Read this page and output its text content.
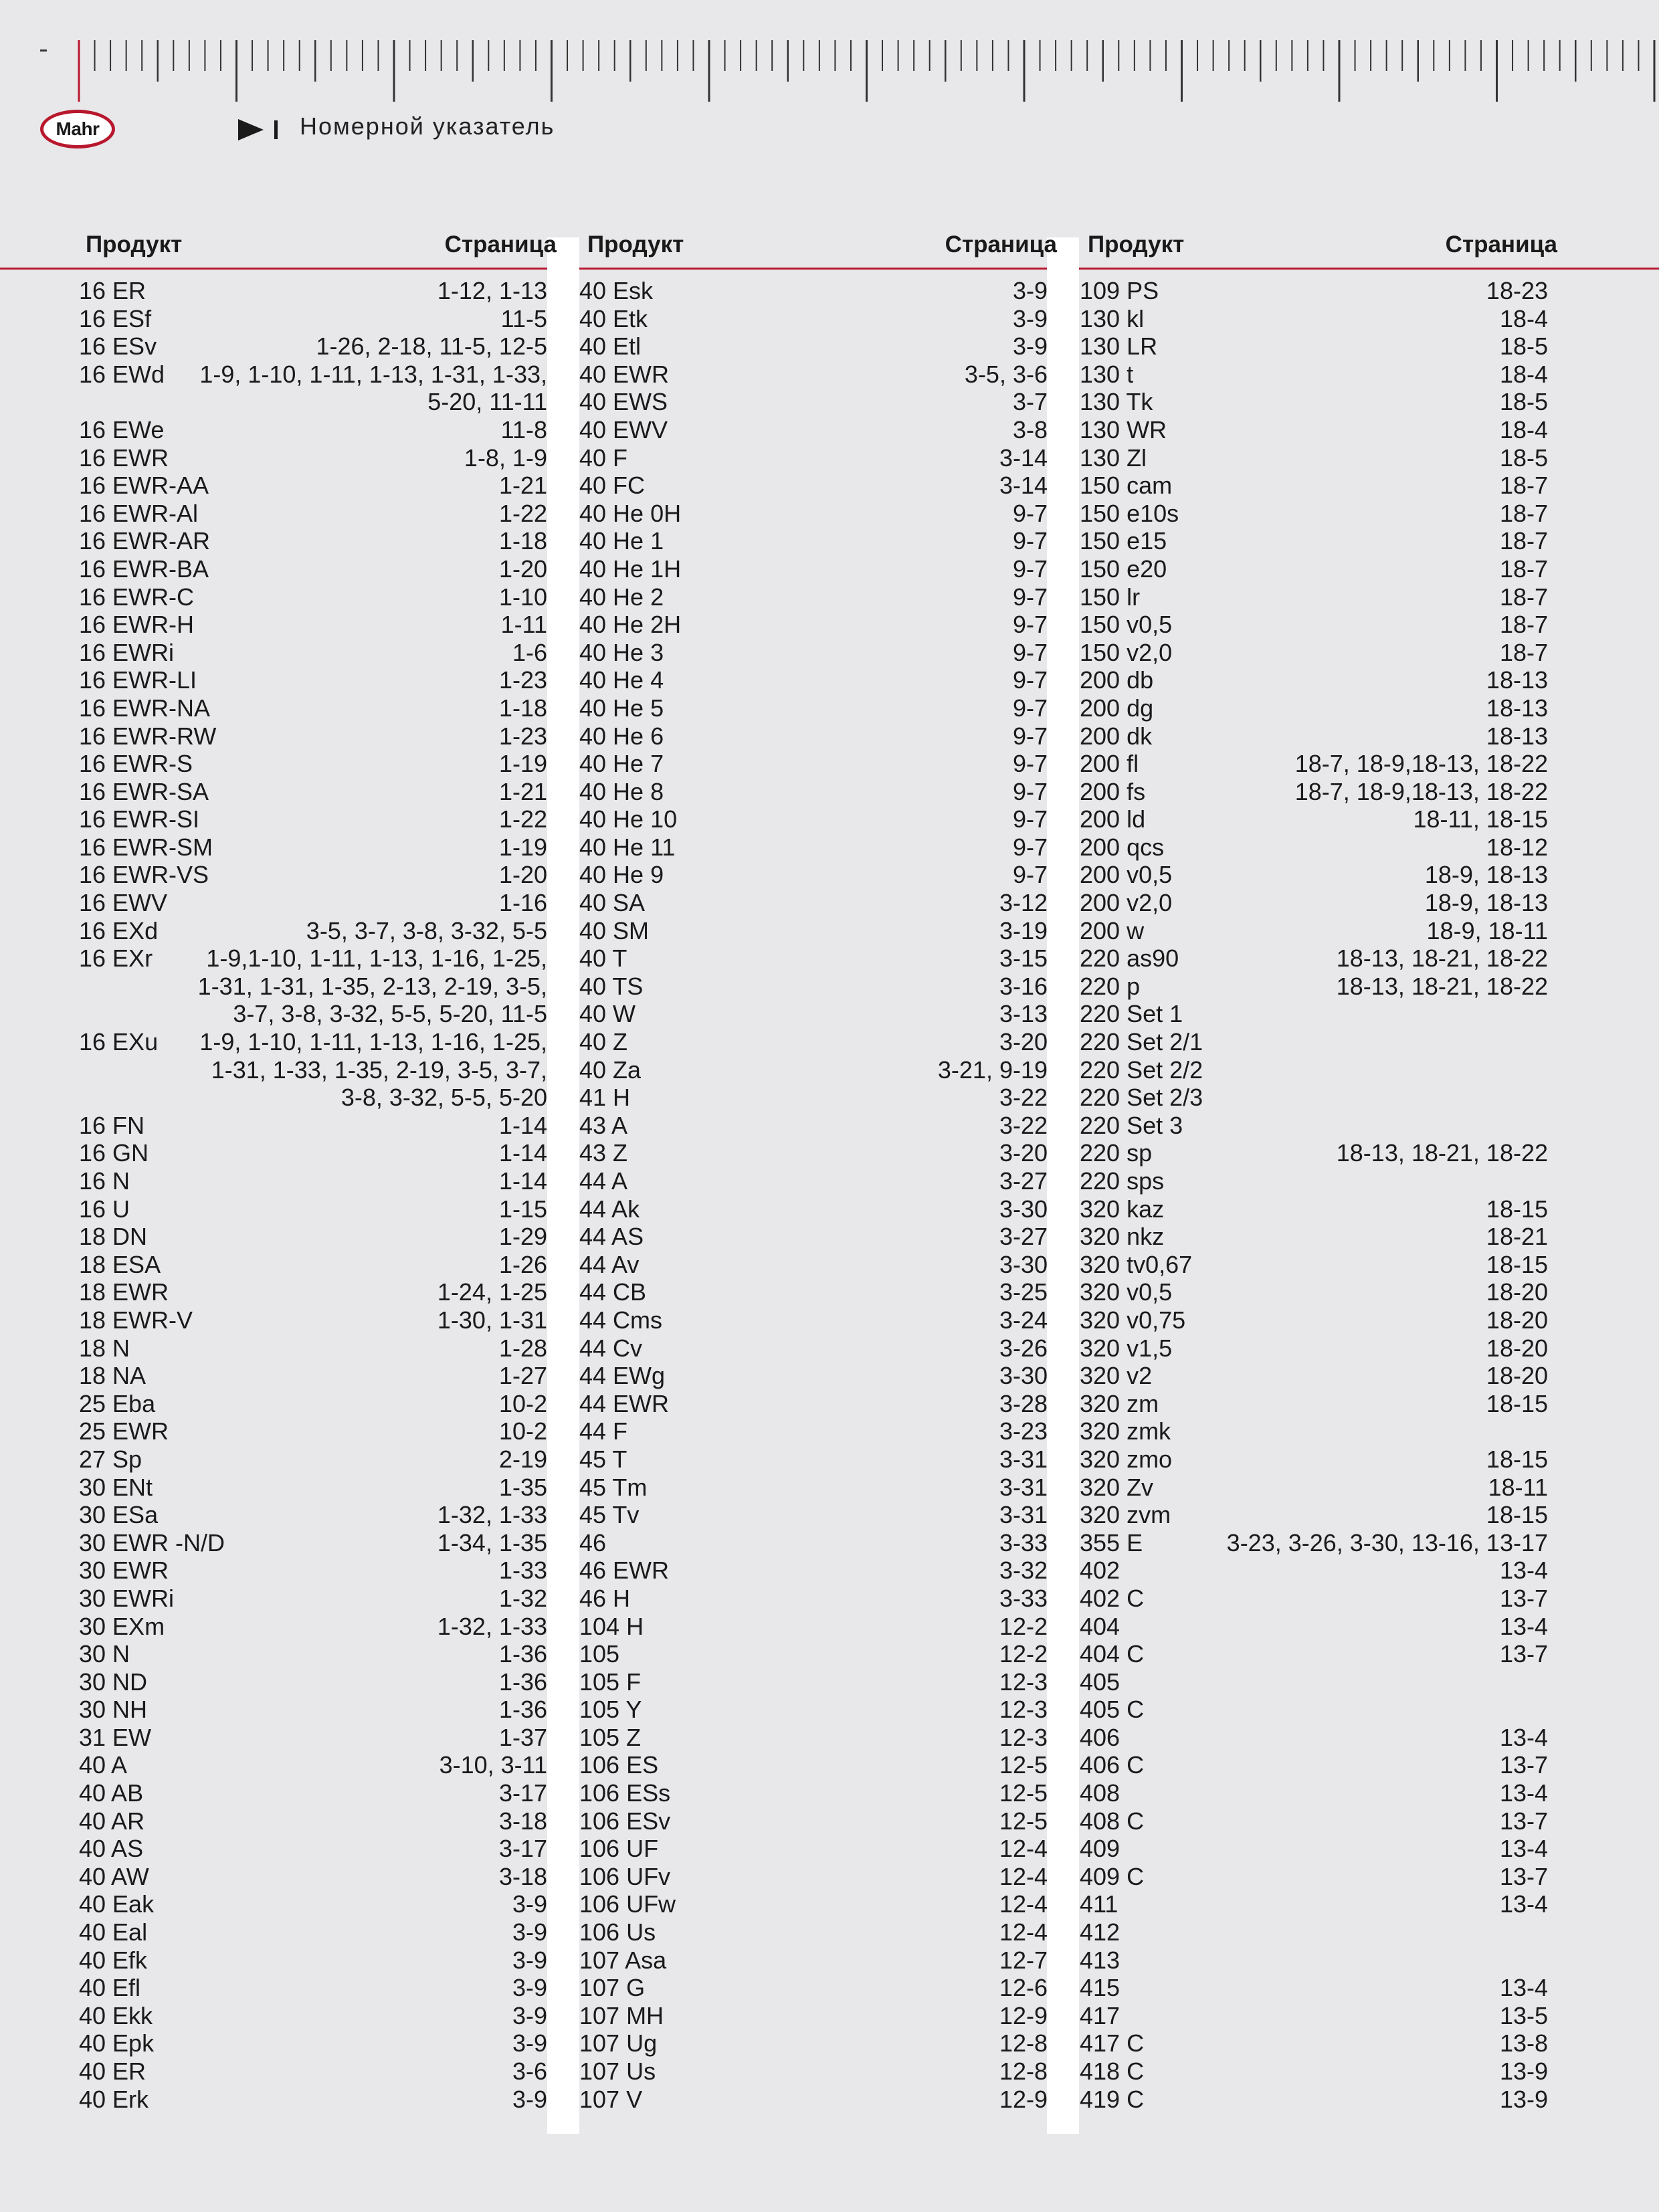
Mahr	Номерной указатель
Продукт	Страница
16 ER	1-12, 1-13
16 ESf	11-5
16 ESv	1-26, 2-18, 11-5, 12-5
16 EWd	1-9, 1-10, 1-11, 1-13, 1-31, 1-33,
5-20, 11-11
16 EWe	11-8
16 EWR	1-8, 1-9
16 EWR-AA	1-21
16 EWR-Al	1-22
16 EWR-AR	1-18
16 EWR-BA	1-20
16 EWR-C	1-10
16 EWR-H	1-11
16 EWRi	1-6
16 EWR-LI	1-23
16 EWR-NA	1-18
16 EWR-RW	1-23
16 EWR-S	1-19
16 EWR-SA	1-21
16 EWR-SI	1-22
16 EWR-SM	1-19
16 EWR-VS	1-20
16 EWV	1-16
16 EXd	3-5, 3-7, 3-8, 3-32, 5-5
16 EXr	1-9,1-10, 1-11, 1-13, 1-16, 1-25,
1-31, 1-31, 1-35, 2-13, 2-19, 3-5,
3-7, 3-8, 3-32, 5-5, 5-20, 11-5
16 EXu	1-9, 1-10, 1-11, 1-13, 1-16, 1-25,
1-31, 1-33, 1-35, 2-19, 3-5, 3-7,
3-8, 3-32, 5-5, 5-20
16 FN	1-14
16 GN	1-14
16 N	1-14
16 U	1-15
18 DN	1-29
18 ESA	1-26
18 EWR	1-24, 1-25
18 EWR-V	1-30, 1-31
18 N	1-28
18 NA	1-27
25 Eba	10-2
25 EWR	10-2
27 Sp	2-19
30 ENt	1-35
30 ESa	1-32, 1-33
30 EWR -N/D	1-34, 1-35
30 EWR	1-33
30 EWRi	1-32
30 EXm	1-32, 1-33
30 N	1-36
30 ND	1-36
30 NH	1-36
31 EW	1-37
40 A	3-10, 3-11
40 AB	3-17
40 AR	3-18
40 AS	3-17
40 AW	3-18
40 Eak	3-9
40 Eal	3-9
40 Efk	3-9
40 Efl	3-9
40 Ekk	3-9
40 Epk	3-9
40 ER	3-6
40 Erk	3-9
Продукт	Страница
40 Esk	3-9
40 Etk	3-9
40 Etl	3-9
40 EWR	3-5, 3-6
40 EWS	3-7
40 EWV	3-8
40 F	3-14
40 FC	3-14
40 He 0H	9-7
40 He 1	9-7
40 He 1H	9-7
40 He 2	9-7
40 He 2H	9-7
40 He 3	9-7
40 He 4	9-7
40 He 5	9-7
40 He 6	9-7
40 He 7	9-7
40 He 8	9-7
40 He 10	9-7
40 He 11	9-7
40 He 9	9-7
40 SA	3-12
40 SM	3-19
40 T	3-15
40 TS	3-16
40 W	3-13
40 Z	3-20
40 Za	3-21, 9-19
41 H	3-22
43 A	3-22
43 Z	3-20
44 A	3-27
44 Ak	3-30
44 AS	3-27
44 Av	3-30
44 CB	3-25
44 Cms	3-24
44 Cv	3-26
44 EWg	3-30
44 EWR	3-28
44 F	3-23
45 T	3-31
45 Tm	3-31
45 Tv	3-31
46	3-33
46 EWR	3-32
46 H	3-33
104 H	12-2
105	12-2
105 F	12-3
105 Y	12-3
105 Z	12-3
106 ES	12-5
106 ESs	12-5
106 ESv	12-5
106 UF	12-4
106 UFv	12-4
106 UFw	12-4
106 Us	12-4
107 Asa	12-7
107 G	12-6
107 MH	12-9
107 Ug	12-8
107 Us	12-8
107 V	12-9
Продукт	Страница
109 PS	18-23
130 kl	18-4
130 LR	18-5
130 t	18-4
130 Tk	18-5
130 WR	18-4
130 Zl	18-5
150 cam	18-7
150 e10s	18-7
150 e15	18-7
150 e20	18-7
150 lr	18-7
150 v0,5	18-7
150 v2,0	18-7
200 db	18-13
200 dg	18-13
200 dk	18-13
200 fl	18-7, 18-9,18-13, 18-22
200 fs	18-7, 18-9,18-13, 18-22
200 ld	18-11, 18-15
200 qcs	18-12
200 v0,5	18-9, 18-13
200 v2,0	18-9, 18-13
200 w	18-9, 18-11
220 as90	18-13, 18-21, 18-22
220 p	18-13, 18-21, 18-22
220 Set 1
220 Set 2/1
220 Set 2/2
220 Set 2/3
220 Set 3
220 sp	18-13, 18-21, 18-22
220 sps
320 kaz	18-15
320 nkz	18-21
320 tv0,67	18-15
320 v0,5	18-20
320 v0,75	18-20
320 v1,5	18-20
320 v2	18-20
320 zm	18-15
320 zmk
320 zmo	18-15
320 Zv	18-11
320 zvm	18-15
355 E	3-23, 3-26, 3-30, 13-16, 13-17
402	13-4
402 C	13-7
404	13-4
404 C	13-7
405
405 C
406	13-4
406 C	13-7
408	13-4
408 C	13-7
409	13-4
409 C	13-7
411	13-4
412
413
415	13-4
417	13-5
417 C	13-8
418 C	13-9
419 C	13-9
